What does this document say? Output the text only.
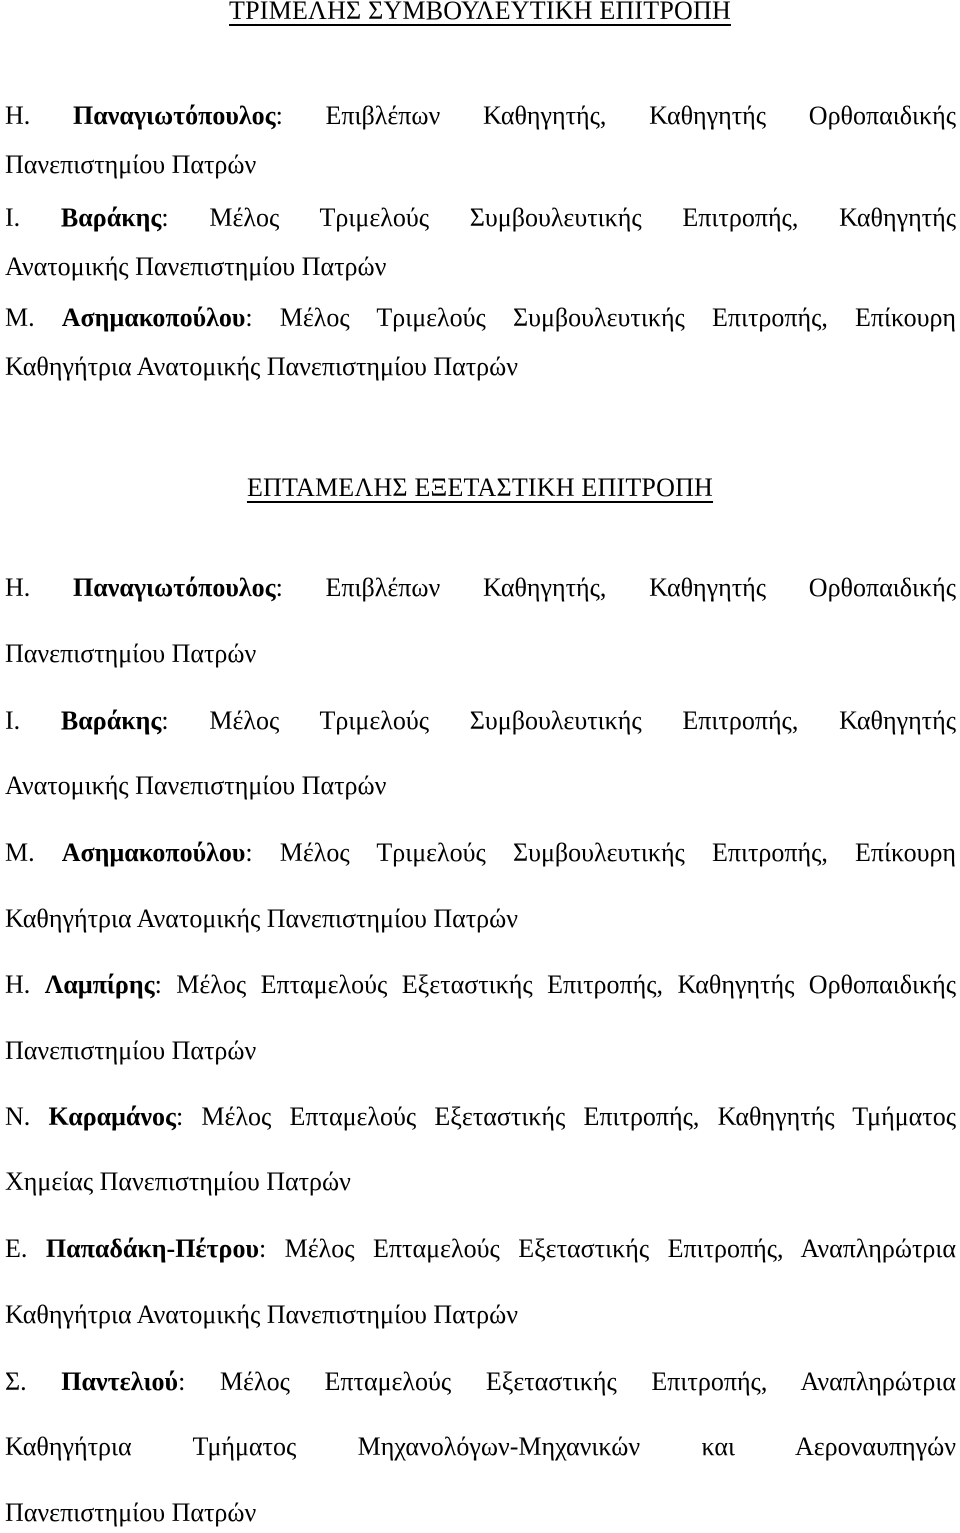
ΤΡΙΜΕΛΗΣ ΣΥΜΒΟΥΛΕΥΤΙΚΗ ΕΠΙΤΡΟΠΗ
Η. Παναγιωτόπουλος: Επιβλέπων Καθηγητής, Καθηγητής Ορθοπαιδικής
Πανεπιστημίου Πατρών
Ι. Βαράκης: Μέλος Τριμελούς Συμβουλευτικής Επιτροπής, Καθηγητής
Ανατομικής Πανεπιστημίου Πατρών
Μ. Ασημακοπούλου: Μέλος Τριμελούς Συμβουλευτικής Επιτροπής, Επίκουρη
Καθηγήτρια Ανατομικής Πανεπιστημίου Πατρών
ΕΠΤΑΜΕΛΗΣ ΕΞΕΤΑΣΤΙΚΗ ΕΠΙΤΡΟΠΗ
Η. Παναγιωτόπουλος: Επιβλέπων Καθηγητής, Καθηγητής Ορθοπαιδικής
Πανεπιστημίου Πατρών
Ι. Βαράκης: Μέλος Τριμελούς Συμβουλευτικής Επιτροπής, Καθηγητής
Ανατομικής Πανεπιστημίου Πατρών
Μ. Ασημακοπούλου: Μέλος Τριμελούς Συμβουλευτικής Επιτροπής, Επίκουρη
Καθηγήτρια Ανατομικής Πανεπιστημίου Πατρών
Η. Λαμπίρης: Μέλος Επταμελούς Εξεταστικής Επιτροπής, Καθηγητής Ορθοπαιδικής
Πανεπιστημίου Πατρών
Ν. Καραμάνος: Μέλος Επταμελούς Εξεταστικής Επιτροπής, Καθηγητής Τμήματος
Χημείας Πανεπιστημίου Πατρών
Ε. Παπαδάκη-Πέτρου: Μέλος Επταμελούς Εξεταστικής Επιτροπής, Αναπληρώτρια
Καθηγήτρια Ανατομικής Πανεπιστημίου Πατρών
Σ. Παντελιού: Μέλος Επταμελούς Εξεταστικής Επιτροπής, Αναπληρώτρια
Καθηγήτρια Τμήματος Μηχανολόγων-Μηχανικών και Αεροναυπηγών
Πανεπιστημίου Πατρών
